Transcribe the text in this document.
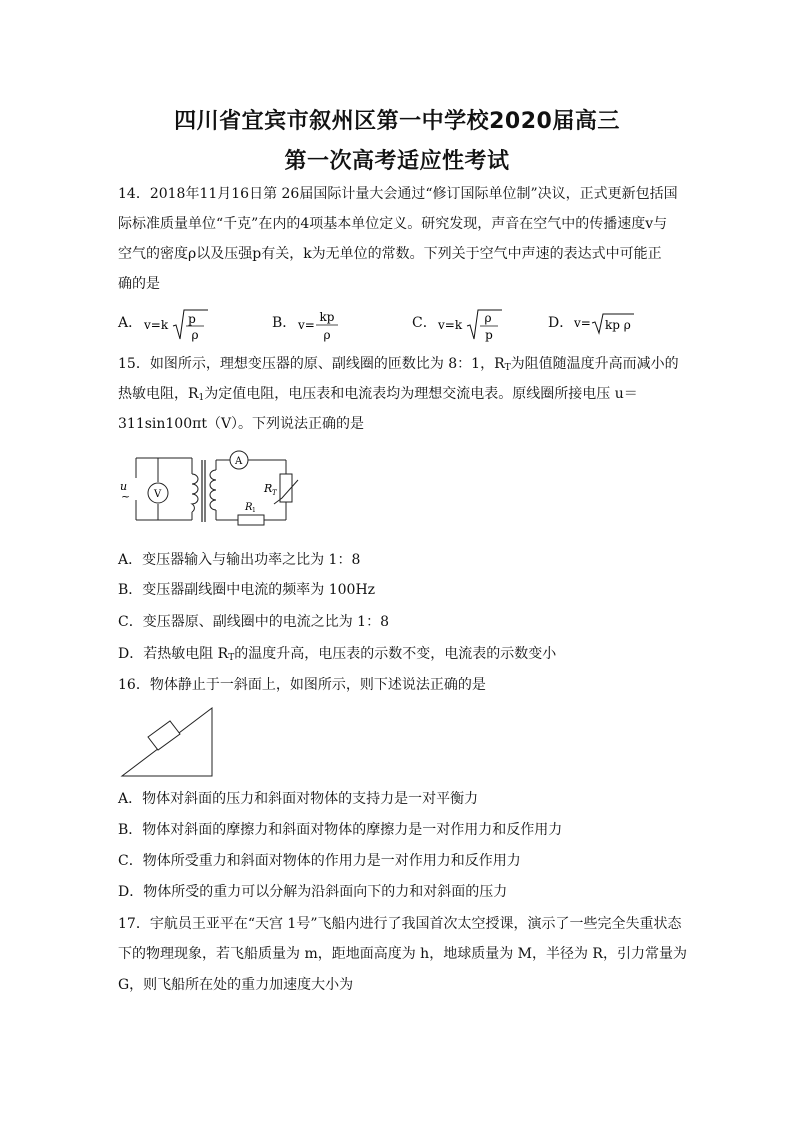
四川省宜宾市叙州区第一中学校2020届高三
第一次高考适应性考试
14．2018年11月16日第 26届国际计量大会通过“修订国际单位制”决议，正式更新包括国
际标准质量单位“千克”在内的4项基本单位定义。研究发现，声音在空气中的传播速度v与
空气的密度ρ以及压强p有关，k为无单位的常数。下列关于空气中声速的表达式中可能正
确的是
A． v=k p
ρ
B． v=
kp
ρ
C． v=k ρ
p
D． v= kp ρ
15．如图所示，理想变压器的原、副线圈的匝数比为 8：1，$R_T$为阻值随温度升高而减小的
热敏电阻，$R_1$为定值电阻，电压表和电流表均为理想交流电表。原线圈所接电压 u＝
311sin100πt（V）。下列说法正确的是
u
~ V
A
R T
R 1
A．变压器输入与输出功率之比为 1：8
B．变压器副线圈中电流的频率为 100Hz
C．变压器原、副线圈中的电流之比为 1：8
D．若热敏电阻 $R_T$的温度升高，电压表的示数不变，电流表的示数变小
16．物体静止于一斜面上，如图所示，则下述说法正确的是
A．物体对斜面的压力和斜面对物体的支持力是一对平衡力
B．物体对斜面的摩擦力和斜面对物体的摩擦力是一对作用力和反作用力
C．物体所受重力和斜面对物体的作用力是一对作用力和反作用力
D．物体所受的重力可以分解为沿斜面向下的力和对斜面的压力
17．宇航员王亚平在“天宫 1号”飞船内进行了我国首次太空授课，演示了一些完全失重状态
下的物理现象，若飞船质量为 m，距地面高度为 h，地球质量为 M，半径为 R，引力常量为
G，则飞船所在处的重力加速度大小为
